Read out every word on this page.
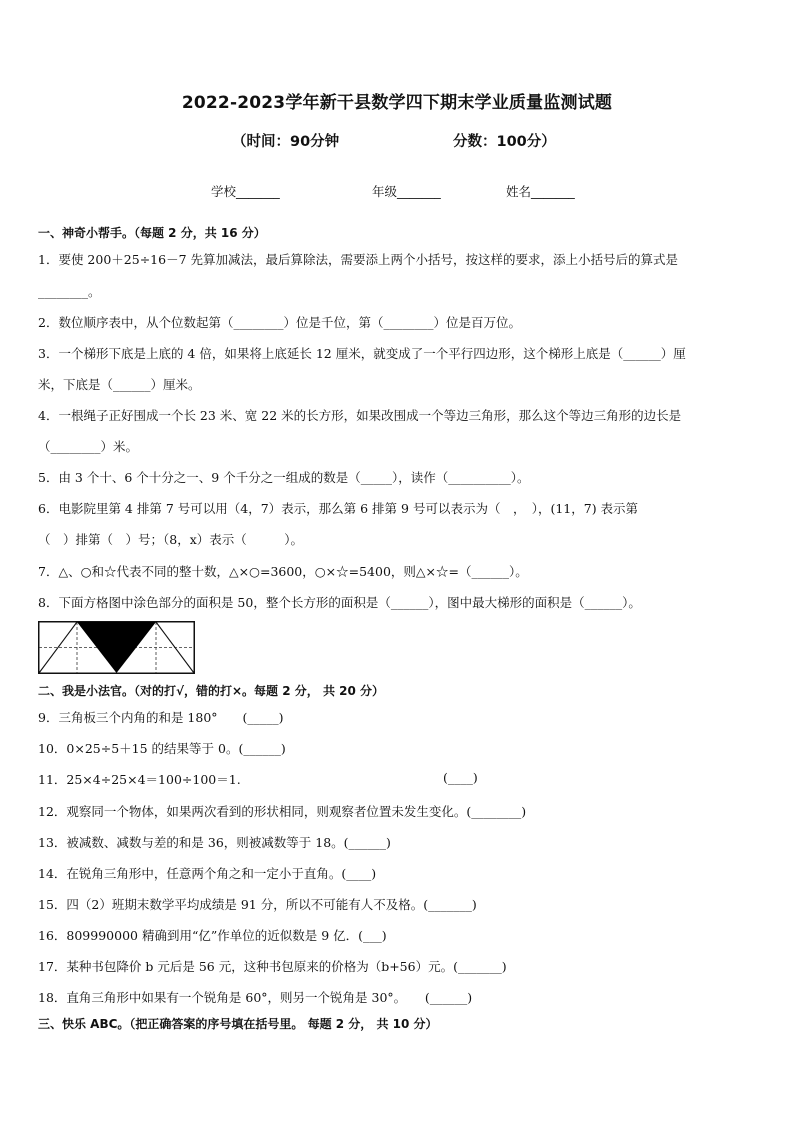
2022-2023学年新干县数学四下期末学业质量监测试题
（时间：90分钟	分数：100分）
学校_______	年级_______	姓名_______
一、神奇小帮手。（每题 2 分，共 16 分）
1．要使 200＋25÷16－7 先算加减法，最后算除法，需要添上两个小括号，按这样的要求，添上小括号后的算式是
________。
2．数位顺序表中，从个位数起第（________）位是千位，第（________）位是百万位。
3．一个梯形下底是上底的 4 倍，如果将上底延长 12 厘米，就变成了一个平行四边形，这个梯形上底是（______）厘
米，下底是（______）厘米。
4．一根绳子正好围成一个长 23 米、宽 22 米的长方形，如果改围成一个等边三角形，那么这个等边三角形的边长是
（________）米。
5．由 3 个十、6 个十分之一、9 个千分之一组成的数是（_____），读作（__________）。
6．电影院里第 4 排第 7 号可以用（4，7）表示，那么第 6 排第 9 号可以表示为（　，　），(11，7) 表示第
（　）排第（　）号；（8，x）表示（　　　）。
7．△、○和☆代表不同的整十数，△×○=3600，○×☆=5400，则△×☆=（______）。
8．下面方格图中涂色部分的面积是 50，整个长方形的面积是（______），图中最大梯形的面积是（______）。
二、我是小法官。（对的打√，错的打×。每题 2 分， 共 20 分）
9．三角板三个内角的和是 180°　　(_____)
10．0×25÷5＋15 的结果等于 0。(______)
11．25×4÷25×4＝100÷100＝1.	(____)
12．观察同一个物体，如果两次看到的形状相同，则观察者位置未发生变化。(________)
13．被减数、减数与差的和是 36，则被减数等于 18。(______)
14．在锐角三角形中，任意两个角之和一定小于直角。(____)
15．四（2）班期末数学平均成绩是 91 分，所以不可能有人不及格。(_______)
16．809990000 精确到用“亿”作单位的近似数是 9 亿．(___)
17．某种书包降价 b 元后是 56 元，这种书包原来的价格为（b+56）元。(_______)
18．直角三角形中如果有一个锐角是 60°，则另一个锐角是 30°。　　(______)
三、快乐 ABC。（把正确答案的序号填在括号里。 每题 2 分， 共 10 分）
